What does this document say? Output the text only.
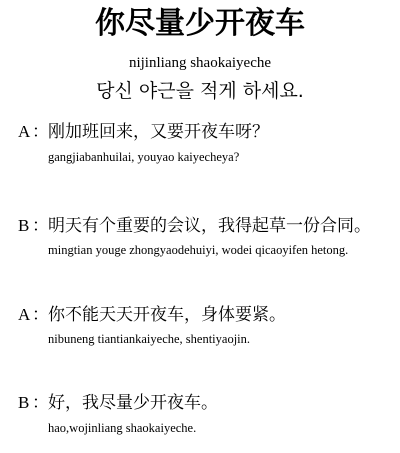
你尽量少开夜车
nijinliang shaokaiyeche
당신 야근을 적게 하세요.
A ：刚加班回来，又要开夜车呀？
gangjiabanhuilai, youyao kaiyecheya?
B ：明天有个重要的会议，我得起草一份合同。
mingtian youge zhongyaodehuiyi, wodei qicaoyifen hetong.
A ：你不能天天开夜车，身体要紧。
nibuneng tiantiankaiyeche, shentiyaojin.
B ：好，我尽量少开夜车。
hao,wojinliang shaokaiyeche.
